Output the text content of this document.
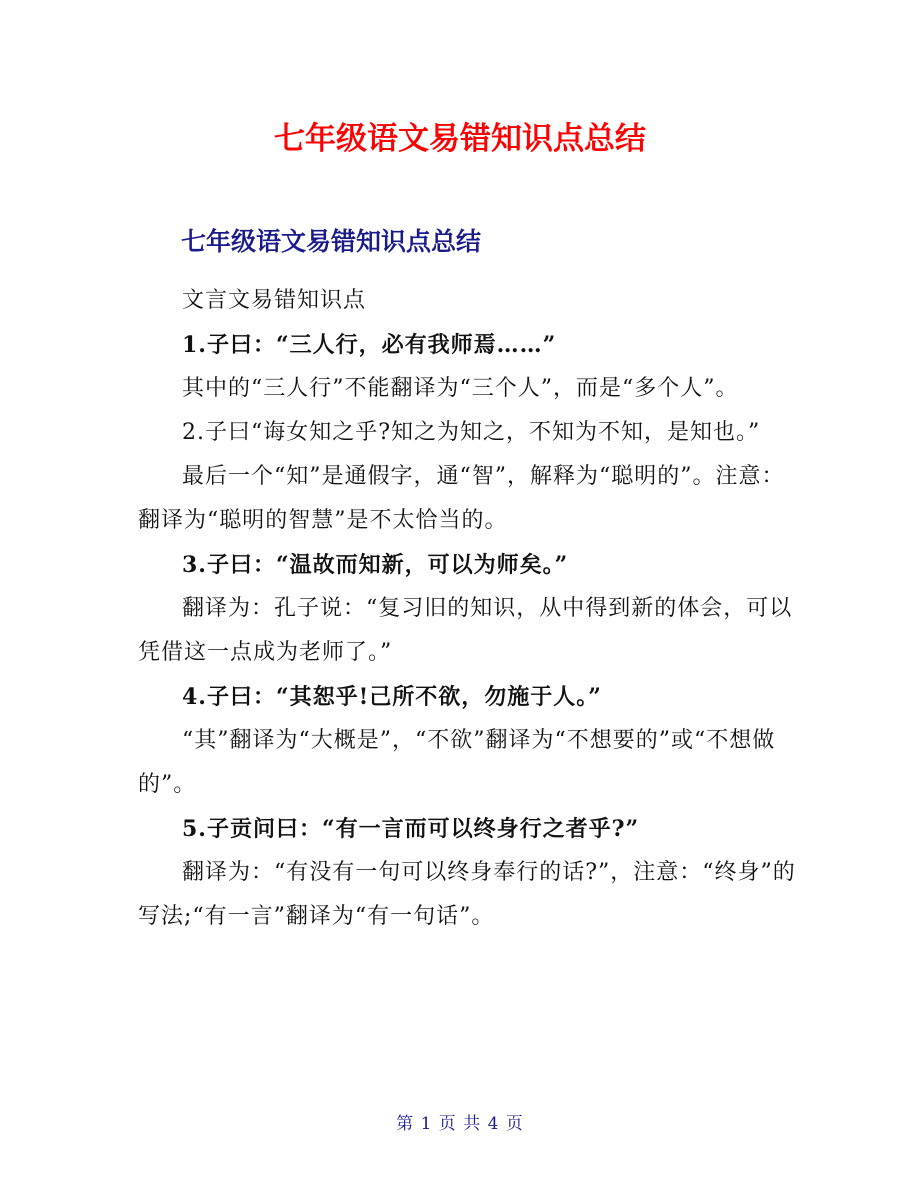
七年级语文易错知识点总结
七年级语文易错知识点总结

文言文易错知识点

1.子曰：“三人行，必有我师焉……”

其中的“三人行”不能翻译为“三个人”，而是“多个人”。

2.子曰“诲女知之乎?知之为知之，不知为不知，是知也。”

最后一个“知”是通假字，通“智”，解释为“聪明的”。注意：翻译为“聪明的智慧”是不太恰当的。

3.子曰：“温故而知新，可以为师矣。”

翻译为：孔子说：“复习旧的知识，从中得到新的体会，可以凭借这一点成为老师了。”

4.子曰：“其恕乎!己所不欲，勿施于人。”

“其”翻译为“大概是”，“不欲”翻译为“不想要的”或“不想做的”。

5.子贡问曰：“有一言而可以终身行之者乎?”

翻译为：“有没有一句可以终身奉行的话?”，注意：“终身”的写法;“有一言”翻译为“有一句话”。

第 1 页 共 4 页
